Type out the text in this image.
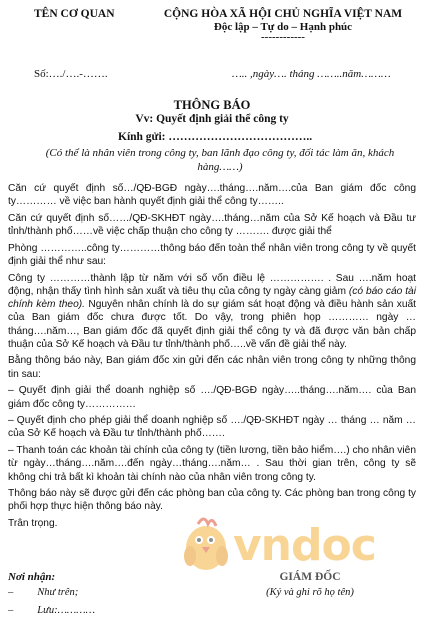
TÊN CƠ QUAN	CỘNG HÒA XÃ HỘI CHỦ NGHĨA VIỆT NAM
Độc lập – Tự do – Hạnh phúc
------------
Số:…./….-…….	….. ,ngày…. tháng ……..năm………
THÔNG BÁO
Vv: Quyết định giải thể công ty
Kính gửi: ………………………………..
(Có thể là nhân viên trong công ty, ban lãnh đạo công ty, đối tác làm ăn, khách hàng……)

Căn cứ quyết định số…/QĐ-BGĐ ngày….tháng….năm….của Ban giám đốc công ty………… về việc ban hành quyết định giải thể công ty……..

Căn cứ quyết định số……/QĐ-SKHĐT ngày….tháng…năm của Sở Kế hoạch và Đầu tư tỉnh/thành phố……về việc chấp thuận cho công ty ………. được giải thể

Phòng …………..công ty…………thông báo đến toàn thể nhân viên trong công ty về quyết định giải thể như sau:

Công ty …………thành lập từ năm với số vốn điều lệ ……………. . Sau ….năm hoạt động, nhận thấy tình hình sản xuất và tiêu thụ của công ty ngày càng giảm (có báo cáo tài chính kèm theo). Nguyên nhân chính là do sự giám sát hoạt động và điều hành sản xuất của Ban giám đốc chưa được tốt. Do vậy, trong phiên họp ………… ngày …tháng….năm…, Ban giám đốc đã quyết định giải thể công ty và đã được văn bản chấp thuận của Sở Kế hoạch và Đầu tư tỉnh/thành phố…..về vấn đề giải thể này.

Bằng thông báo này, Ban giám đốc xin gửi đến các nhân viên trong công ty những thông tin sau:

– Quyết định giải thể doanh nghiệp số …./QĐ-BGĐ ngày…..tháng….năm…. của Ban giám đốc công ty……………

– Quyết định cho phép giải thể doanh nghiệp số …./QĐ-SKHĐT ngày … tháng … năm … của Sở Kế hoạch và Đầu tư tỉnh/thành phố…….

– Thanh toán các khoản tài chính của công ty (tiền lương, tiền bảo hiểm….) cho nhân viên từ ngày…tháng….năm….đến ngày…tháng….năm… . Sau thời gian trên, công ty sẽ không chi trả bất kì khoản tài chính nào của nhân viên trong công ty.

Thông báo này sẽ được gửi đến các phòng ban của công ty. Các phòng ban trong công ty phối hợp thực hiện thông báo này.

Trân trọng.	vndoc
Nơi nhận:
– Như trên;
– Lưu:…………
GIÁM ĐỐC
(Ký và ghi rõ họ tên)
